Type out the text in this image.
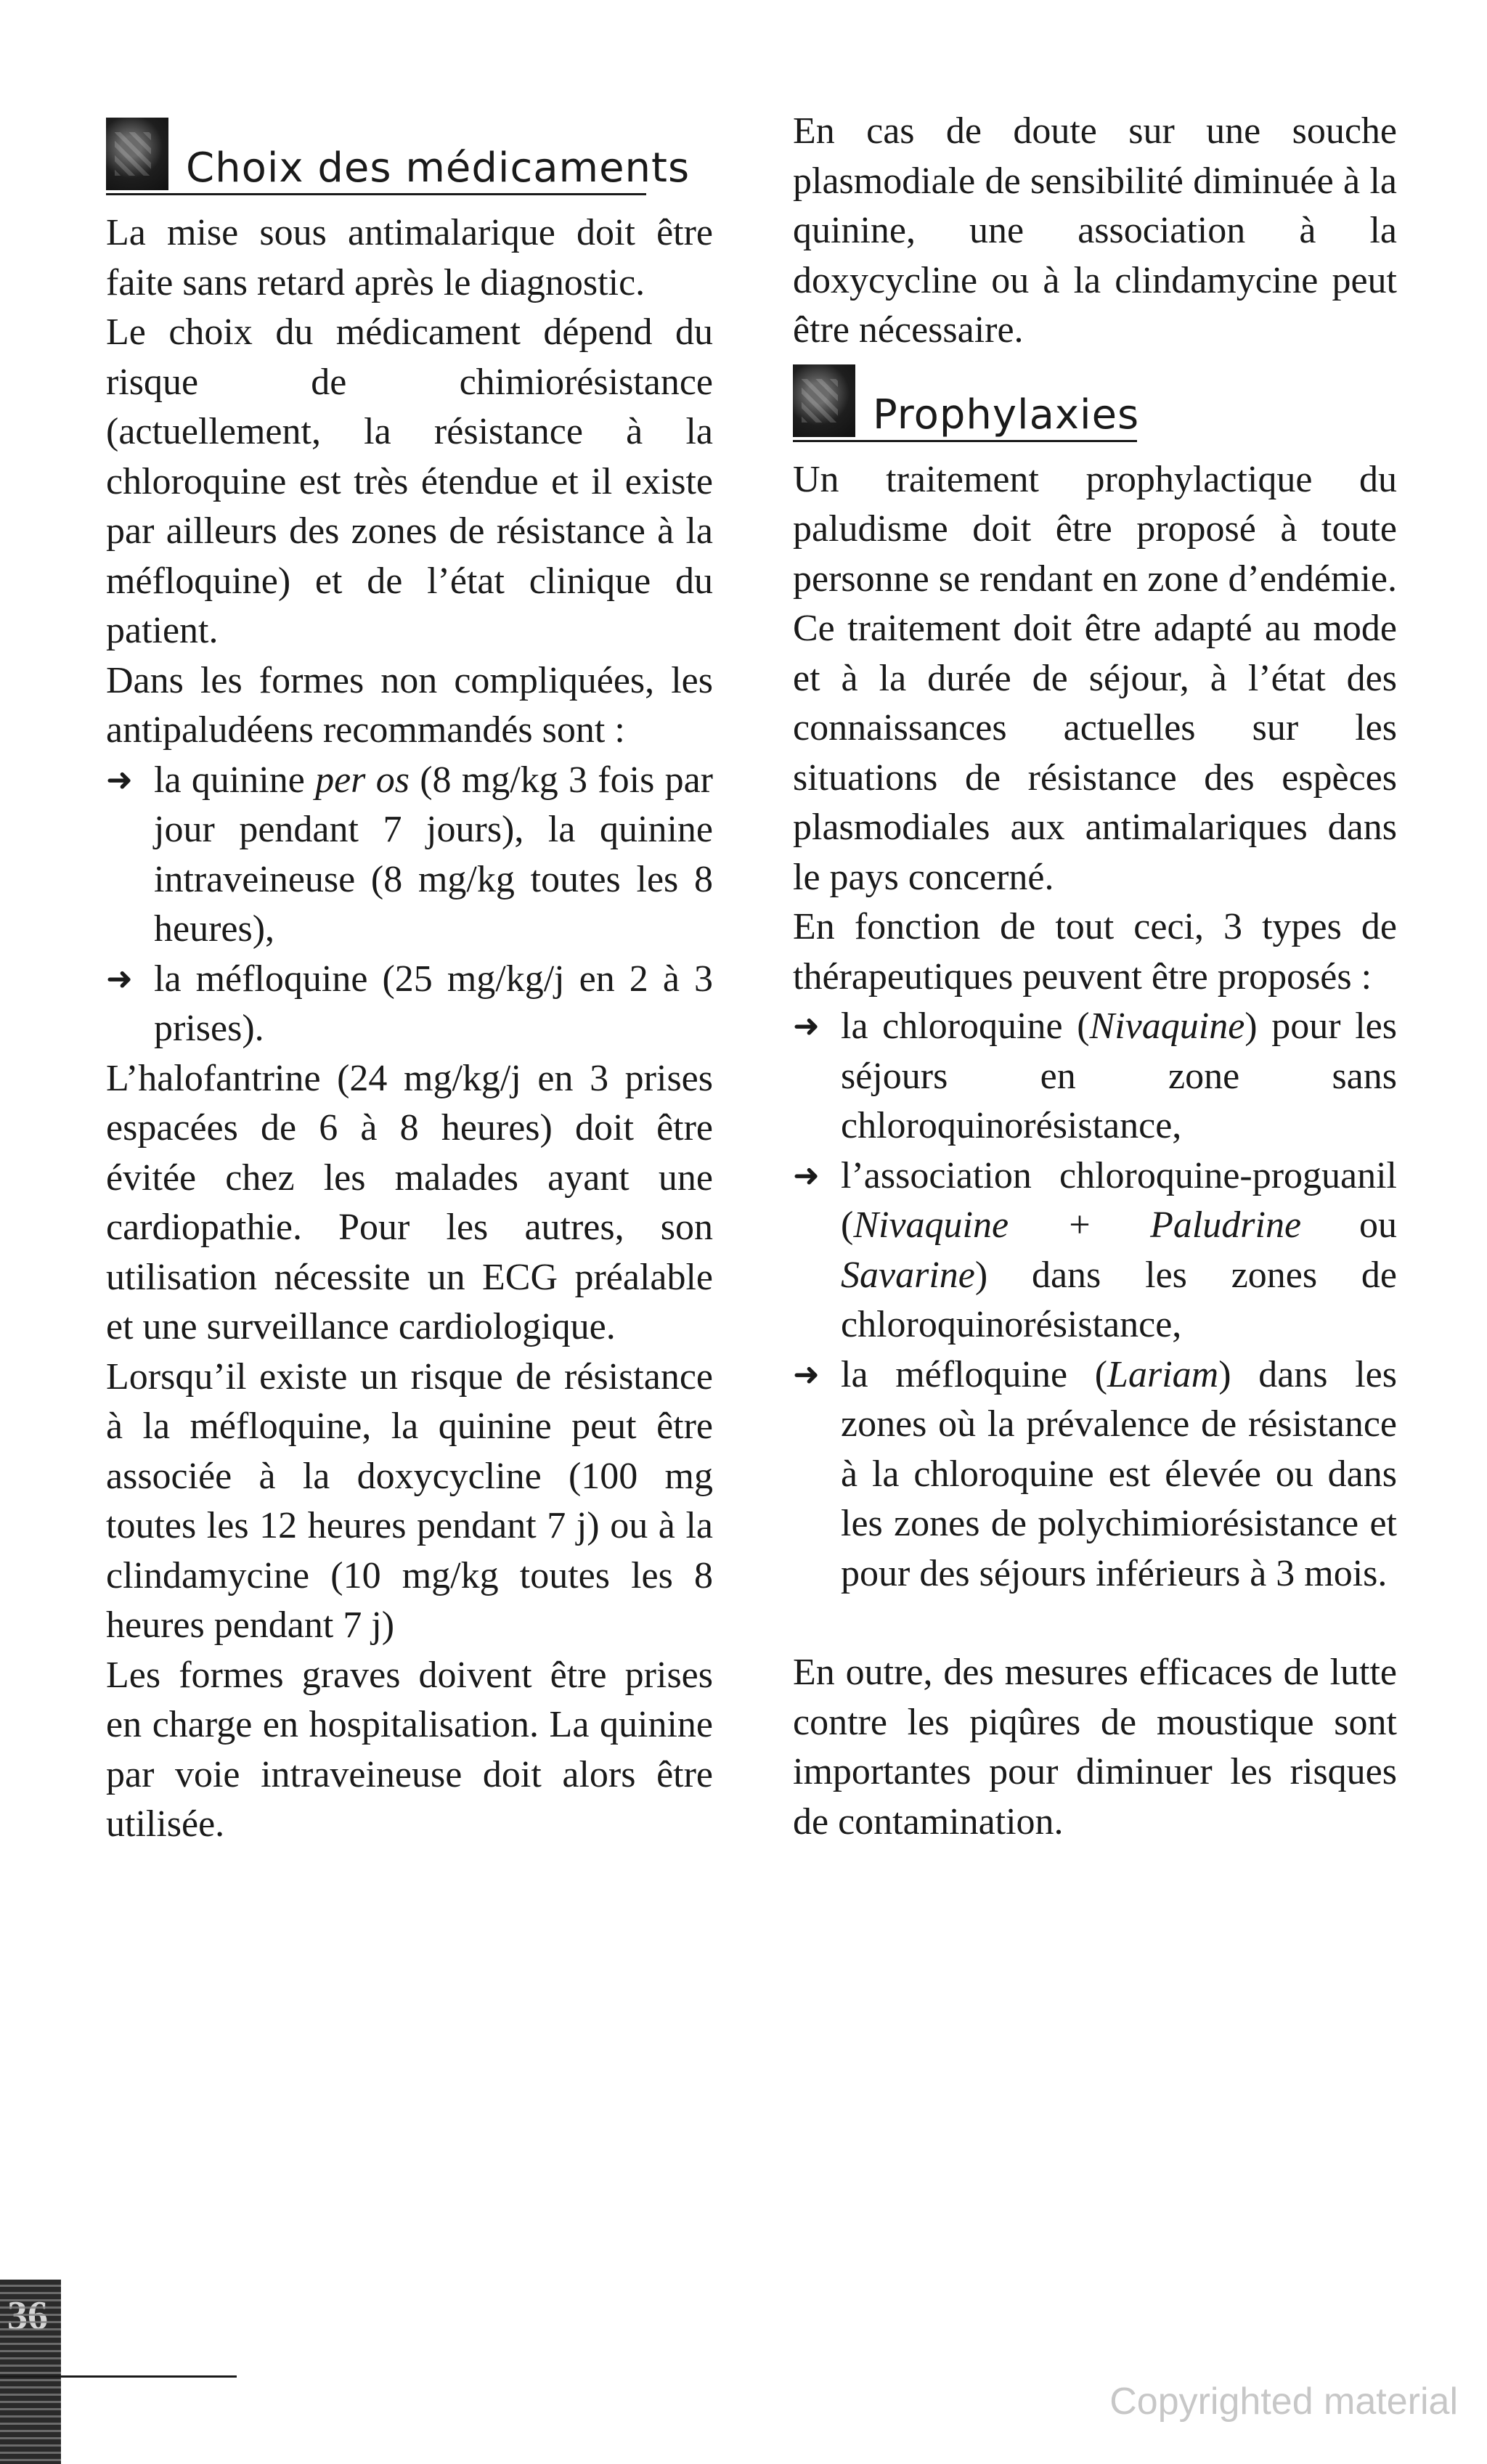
Choix des médicaments

La mise sous antimalarique doit être faite sans retard après le diagnostic.

Le choix du médicament dépend du risque de chimiorésistance (actuellement, la résistance à la chloroquine est très étendue et il existe par ailleurs des zones de résistance à la méfloquine) et de l’état clinique du patient.

Dans les formes non compliquées, les antipaludéens recommandés sont :

➜ la quinine per os (8 mg/kg 3 fois par jour pendant 7 jours), la quinine intraveineuse (8 mg/kg toutes les 8 heures),
➜ la méfloquine (25 mg/kg/j en 2 à 3 prises).

L’halofantrine (24 mg/kg/j en 3 prises espacées de 6 à 8 heures) doit être évitée chez les malades ayant une cardiopathie. Pour les autres, son utilisation nécessite un ECG préalable et une surveillance cardiologique.

Lorsqu’il existe un risque de résistance à la méfloquine, la quinine peut être associée à la doxycycline (100 mg toutes les 12 heures pendant 7 j) ou à la clindamycine (10 mg/kg toutes les 8 heures pendant 7 j)

Les formes graves doivent être prises en charge en hospitalisation. La quinine par voie intraveineuse doit alors être utilisée.

En cas de doute sur une souche plasmodiale de sensibilité diminuée à la quinine, une association à la doxycycline ou à la clindamycine peut être nécessaire.

Prophylaxies

Un traitement prophylactique du paludisme doit être proposé à toute personne se rendant en zone d’endémie. Ce traitement doit être adapté au mode et à la durée de séjour, à l’état des connaissances actuelles sur les situations de résistance des espèces plasmodiales aux antimalariques dans le pays concerné.

En fonction de tout ceci, 3 types de thérapeutiques peuvent être proposés :

➜ la chloroquine (Nivaquine) pour les séjours en zone sans chloroquinorésistance,
➜ l’association chloroquine-proguanil (Nivaquine + Paludrine ou Savarine) dans les zones de chloroquinorésistance,
➜ la méfloquine (Lariam) dans les zones où la prévalence de résistance à la chloroquine est élevée ou dans les zones de polychimiorésistance et pour des séjours inférieurs à 3 mois.

En outre, des mesures efficaces de lutte contre les piqûres de moustique sont importantes pour diminuer les risques de contamination.

36
Copyrighted material
